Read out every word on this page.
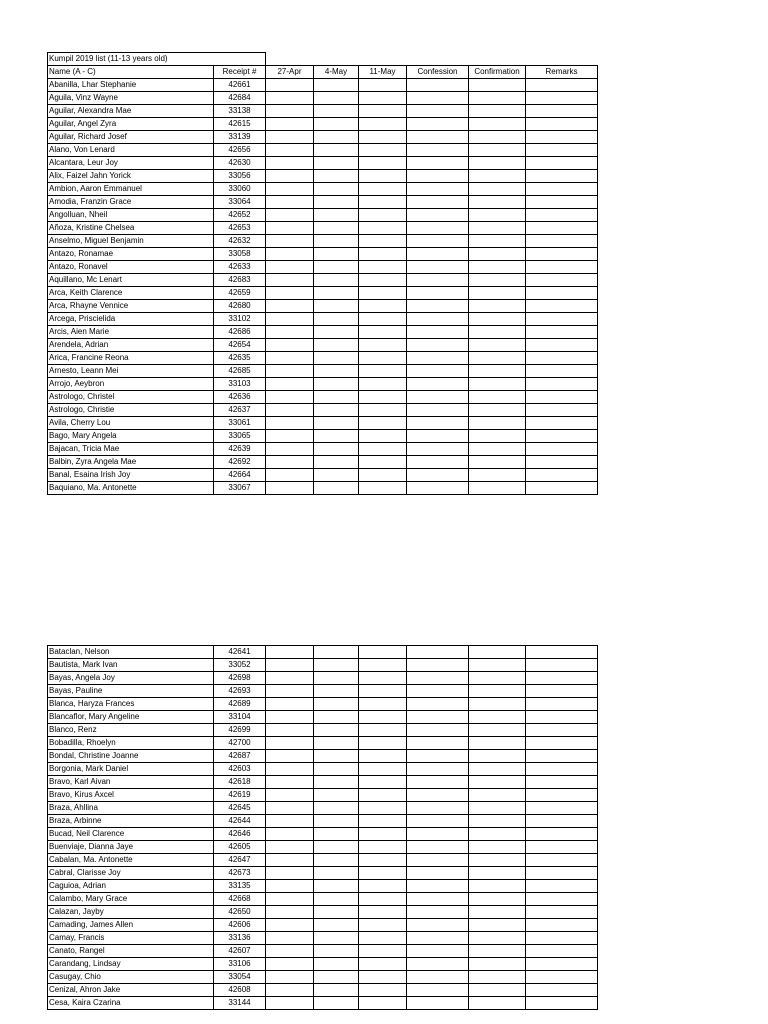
Kumpil 2019 list (11-13 years old)							
Name (A - C)	Receipt #	27-Apr	4-May	11-May	Confession	Confirmation	Remarks
Abanilla, Lhar Stephanie	42661						
Aguila, Vinz Wayne	42684						
Aguilar, Alexandra Mae	33138						
Aguilar, Angel Zyra	42615						
Aguilar, Richard Josef	33139						
Alano, Von Lenard	42656						
Alcantara, Leur Joy	42630						
Alix, Faizel Jahn Yorick	33056						
Ambion, Aaron Emmanuel	33060						
Amodia, Franzin Grace	33064						
Angolluan, Nheil	42652						
Añoza, Kristine Chelsea	42653						
Anselmo, Miguel Benjamin	42632						
Antazo, Ronamae	33058						
Antazo, Ronavel	42633						
Aquillano, Mc Lenart	42683						
Arca, Keith Clarence	42659						
Arca, Rhayne Vennice	42680						
Arcega, Priscielida	33102						
Arcis, Aien Marie	42686						
Arendela, Adrian	42654						
Arica, Francine Reona	42635						
Arnesto, Leann Mei	42685						
Arrojo, Aeybron	33103						
Astrologo, Christel	42636						
Astrologo, Christie	42637						
Avila, Cherry Lou	33061						
Bago, Mary Angela	33065						
Bajacan, Tricia Mae	42639						
Balbin, Zyra Angela Mae	42692						
Banal, Esaina Irish Joy	42664						
Baquiano, Ma. Antonette	33067						
Bataclan, Nelson	42641						
Bautista, Mark Ivan	33052						
Bayas, Angela Joy	42698						
Bayas, Pauline	42693						
Blanca, Haryza Frances	42689						
Blancaflor, Mary Angeline	33104						
Blanco, Renz	42699						
Bobadilla, Rhoelyn	42700						
Bondal, Christine Joanne	42687						
Borgonia, Mark Daniel	42603						
Bravo, Karl Aivan	42618						
Bravo, Kirus Axcel	42619						
Braza, Ahllina	42645						
Braza, Arbinne	42644						
Bucad, Neil Clarence	42646						
Buenviaje, Dianna Jaye	42605						
Cabalan, Ma. Antonette	42647						
Cabral, Clarisse Joy	42673						
Caguioa, Adrian	33135						
Calambo, Mary Grace	42668						
Calazan, Jayby	42650						
Camading, James Allen	42606						
Camay, Francis	33136						
Canato, Rangel	42607						
Carandang, Lindsay	33106						
Casugay, Chio	33054						
Cenizal, Ahron Jake	42608						
Cesa, Kaira Czarina	33144						
